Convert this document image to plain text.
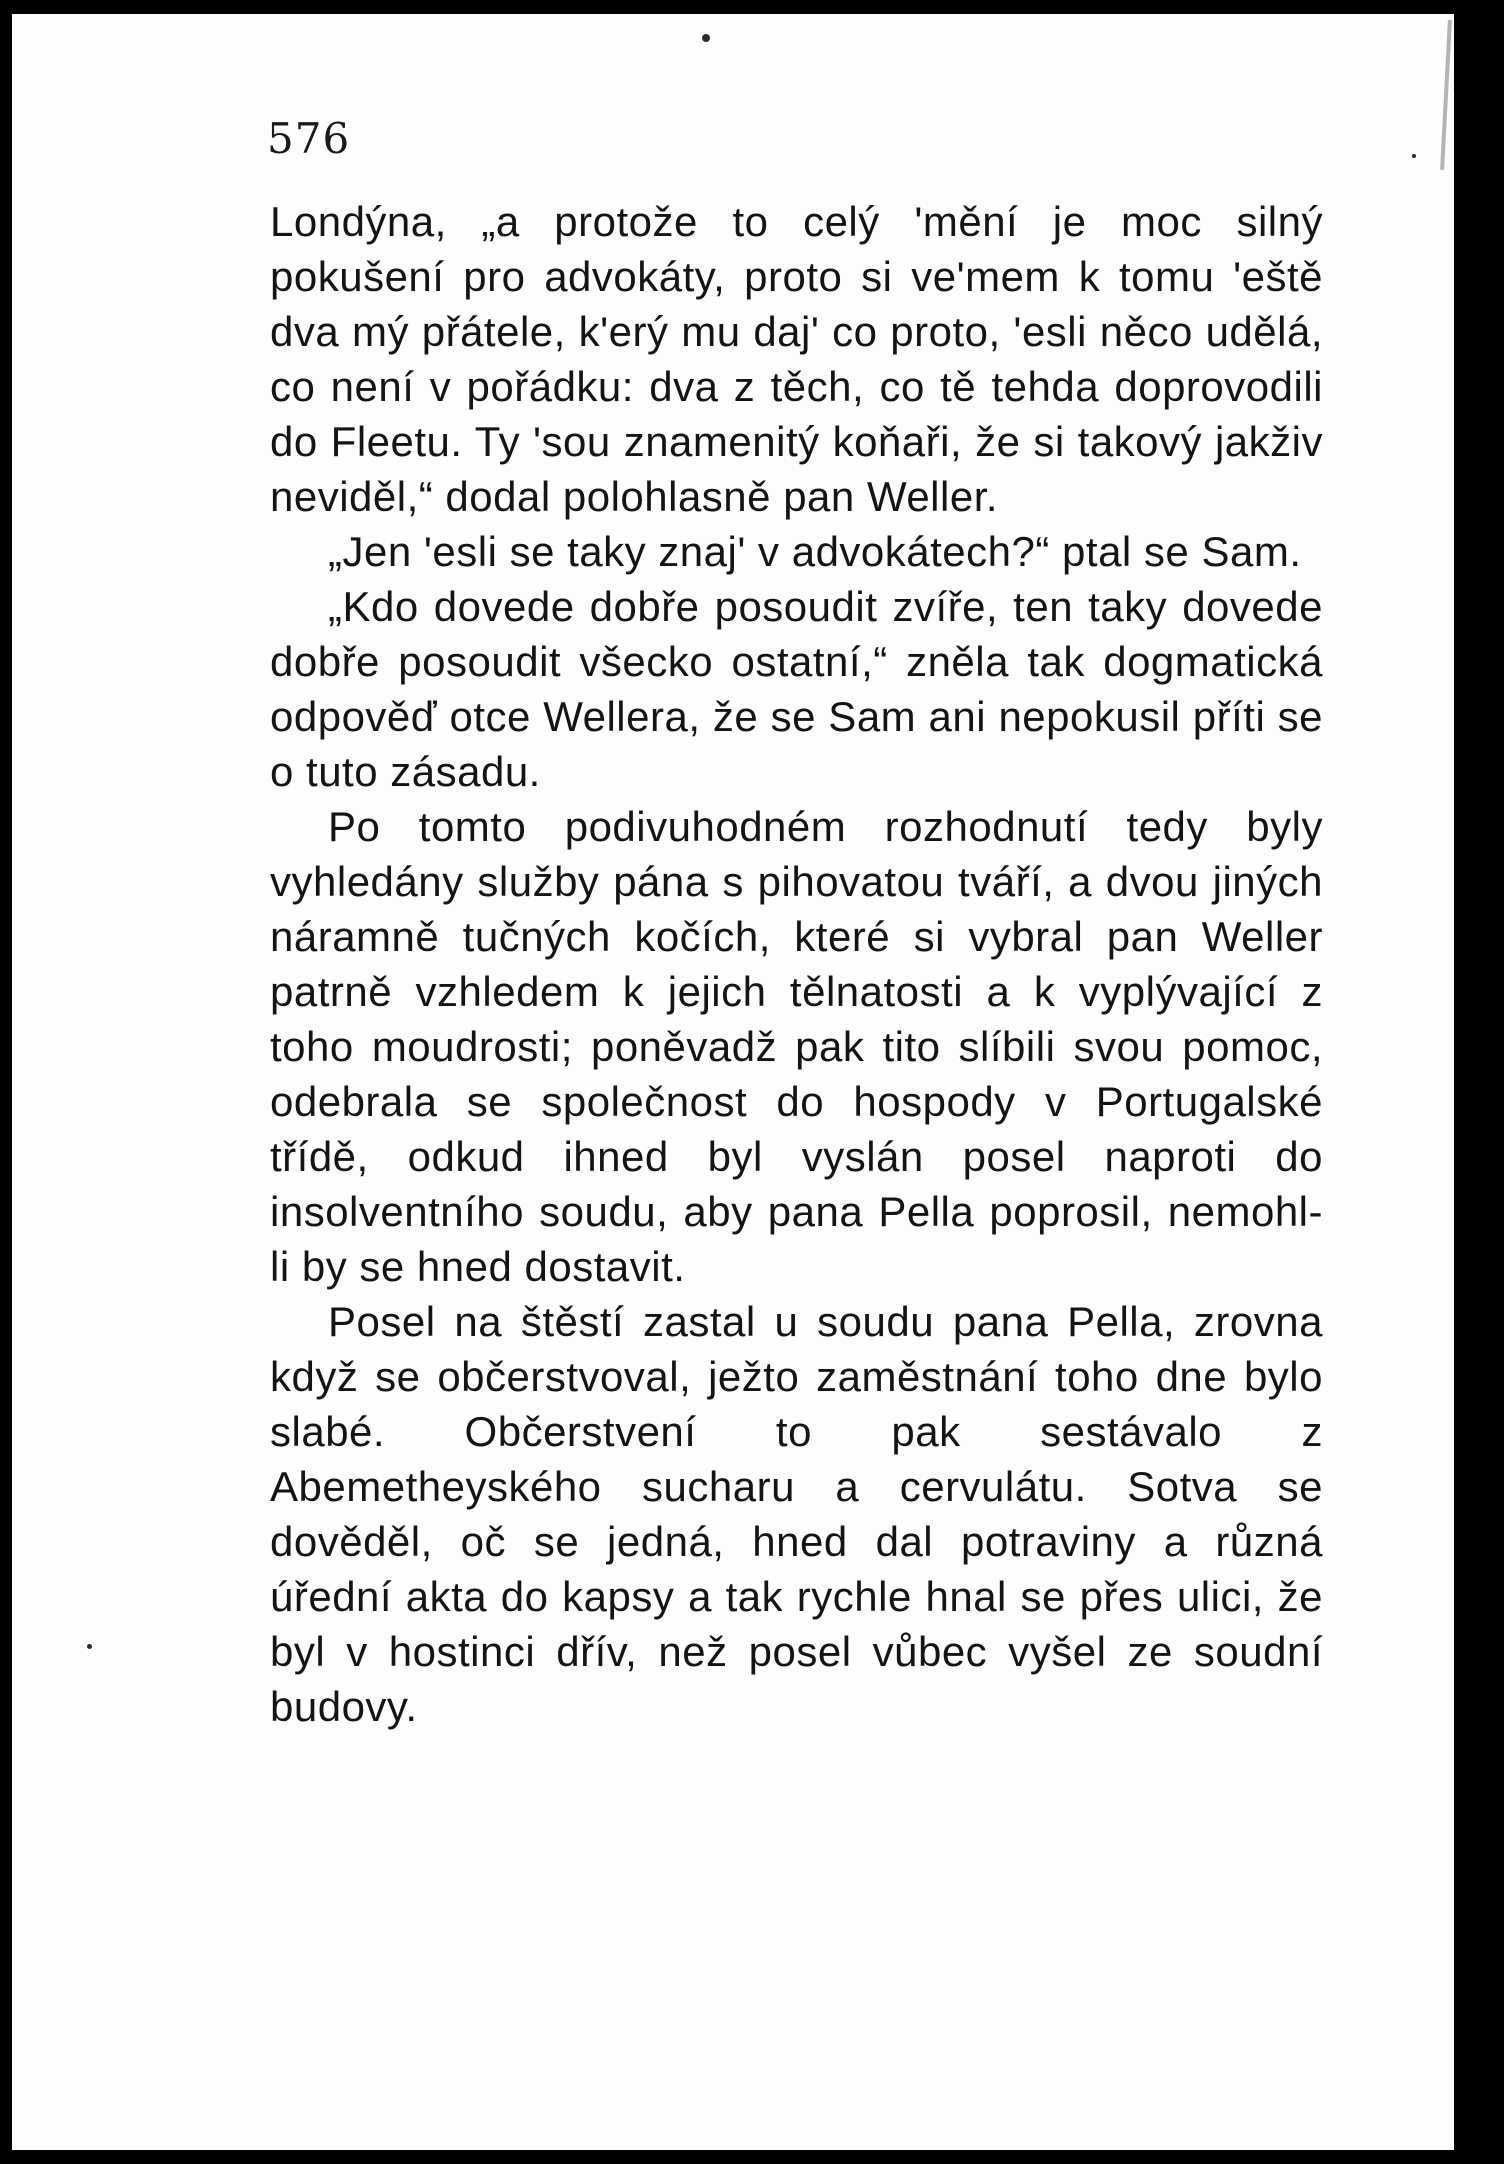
576

Londýna, „a protože to celý 'mění je moc silný pokušení pro advokáty, proto si ve'mem k tomu 'eště dva mý přátele, k'erý mu daj' co proto, 'esli něco udělá, co není v pořádku: dva z těch, co tě tehda doprovodili do Fleetu. Ty 'sou znamenitý koňaři, že si takový jakživ neviděl,“ dodal polohlasně pan Weller.

„Jen 'esli se taky znaj' v advokátech?“ ptal se Sam.

„Kdo dovede dobře posoudit zvíře, ten taky dovede dobře posoudit všecko ostatní,“ zněla tak dogmatická odpověď otce Wellera, že se Sam ani nepokusil příti se o tuto zásadu.

Po tomto podivuhodném rozhodnutí tedy byly vyhledány služby pána s pihovatou tváří, a dvou jiných náramně tučných kočích, které si vybral pan Weller patrně vzhledem k jejich tělnatosti a k vyplývající z toho moudrosti; poněvadž pak tito slíbili svou pomoc, odebrala se společnost do hospody v Portugalské třídě, odkud ihned byl vyslán posel naproti do insolventního soudu, aby pana Pella poprosil, nemohl-li by se hned dostavit.

Posel na štěstí zastal u soudu pana Pella, zrovna když se občerstvoval, ježto zaměstnání toho dne bylo slabé. Občerstvení to pak sestávalo z Abemetheyského sucharu a cervulátu. Sotva se dověděl, oč se jedná, hned dal potraviny a různá úřední akta do kapsy a tak rychle hnal se přes ulici, že byl v hostinci dřív, než posel vůbec vyšel ze soudní budovy.
